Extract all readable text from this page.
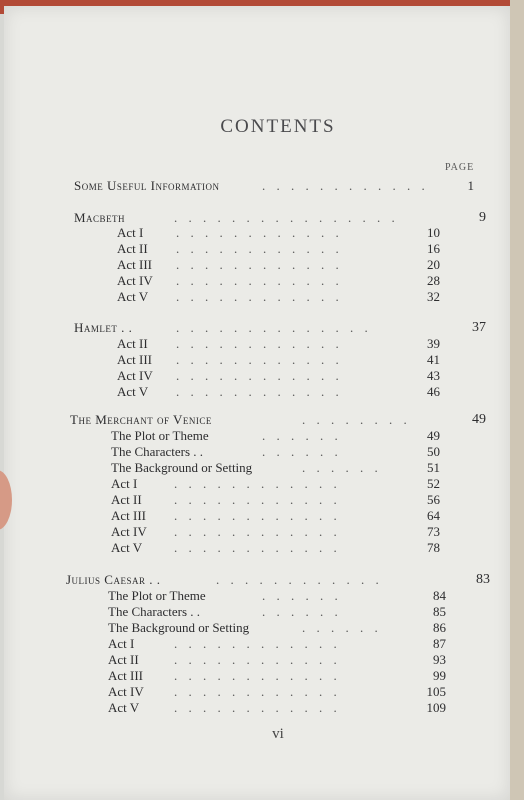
CONTENTS
PAGE
Some Useful Information	. . . . . . . . . . . .	1
Macbeth	. . . . . . . . . . . . . . . .	9
Act I	. . . . . . . . . . . .	10
Act II . . . . . . . . . . . .	16
Act III . . . . . . . . . . . .	20
Act IV . . . . . . . . . . . .	28
Act V . . . . . . . . . . . .	32
Hamlet . .	. . . . . . . . . . . . . .	37
Act II . . . . . . . . . . . .	39
Act III . . . . . . . . . . . .	41
Act IV . . . . . . . . . . . .	43
Act V . . . . . . . . . . . .	46
The Merchant of Venice	. . . . . . . .	49
The Plot or Theme	. . . . . .	49
The Characters . .	. . . . . .	50
The Background or Setting	. . . . . .	51
Act I	. . . . . . . . . . . .	52
Act II . . . . . . . . . . . .	56
Act III . . . . . . . . . . . .	64
Act IV . . . . . . . . . . . .	73
Act V . . . . . . . . . . . .	78
Julius Caesar . .	. . . . . . . . . . . .	83
The Plot or Theme	. . . . . .	84
The Characters . .	. . . . . .	85
The Background or Setting	. . . . . .	86
Act I	. . . . . . . . . . . .	87
Act II	. . . . . . . . . . . .	93
Act III . . . . . . . . . . . .	99
Act IV . . . . . . . . . . . .	105
Act V	. . . . . . . . . . . .	109
vi
